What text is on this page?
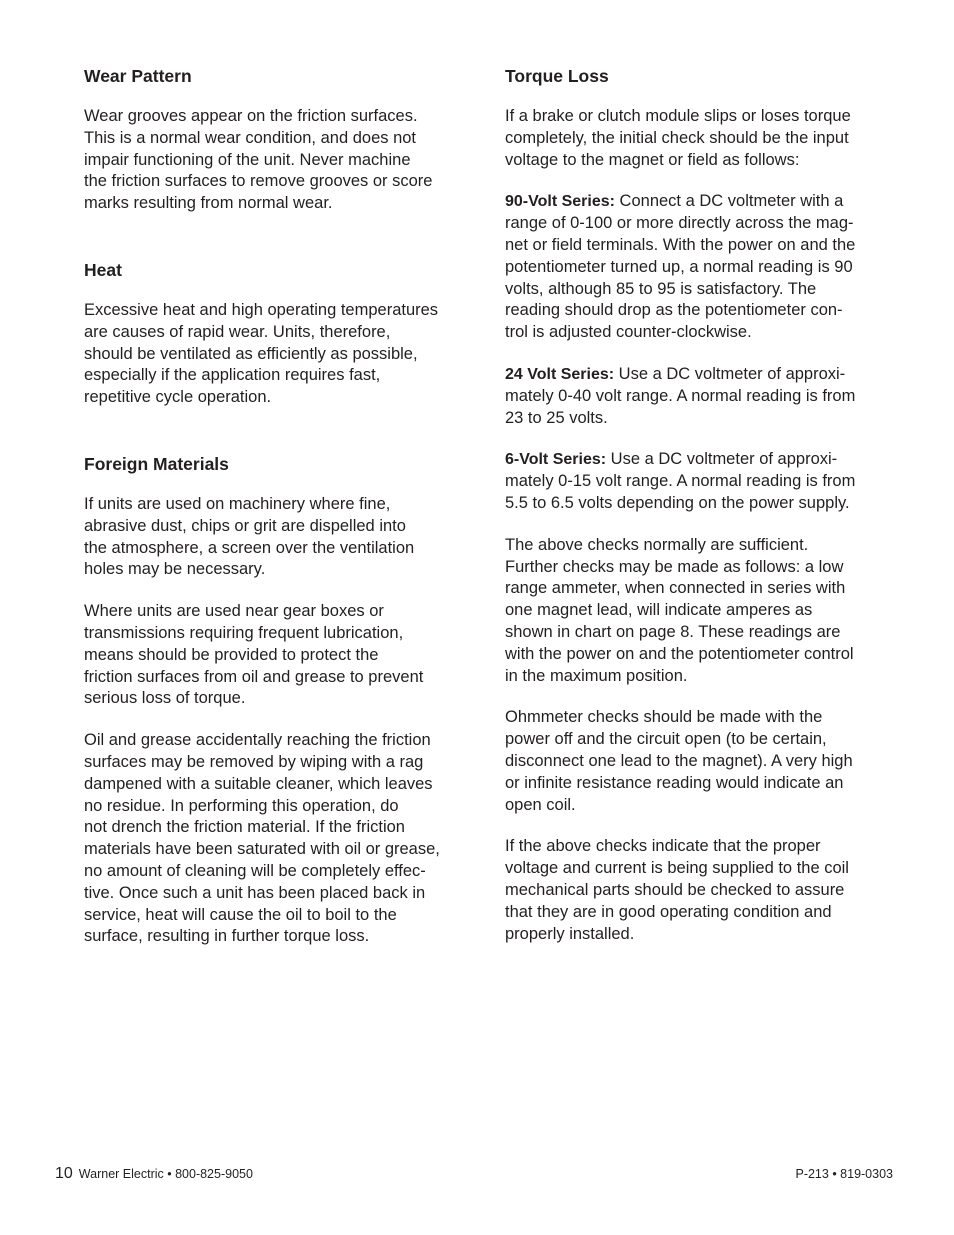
Wear Pattern

Wear grooves appear on the friction surfaces.
This is a normal wear condition, and does not
impair functioning of the unit. Never machine
the friction surfaces to remove grooves or score
marks resulting from normal wear.

Heat

Excessive heat and high operating temperatures
are causes of rapid wear. Units, therefore,
should be ventilated as efficiently as possible,
especially if the application requires fast,
repetitive cycle operation.

Foreign Materials

If units are used on machinery where fine,
abrasive dust, chips or grit are dispelled into
the atmosphere, a screen over the ventilation
holes may be necessary.

Where units are used near gear boxes or
transmissions requiring frequent lubrication,
means should be provided to protect the
friction surfaces from oil and grease to prevent
serious loss of torque.

Oil and grease accidentally reaching the friction
surfaces may be removed by wiping with a rag
dampened with a suitable cleaner, which leaves
no residue. In performing this operation, do
not drench the friction material. If the friction
materials have been saturated with oil or grease,
no amount of cleaning will be completely effec-
tive. Once such a unit has been placed back in
service, heat will cause the oil to boil to the
surface, resulting in further torque loss.

Torque Loss

If a brake or clutch module slips or loses torque
completely, the initial check should be the input
voltage to the magnet or field as follows:

90-Volt Series: Connect a DC voltmeter with a
range of 0-100 or more directly across the mag-
net or field terminals. With the power on and the
potentiometer turned up, a normal reading is 90
volts, although 85 to 95 is satisfactory. The
reading should drop as the potentiometer con-
trol is adjusted counter-clockwise.

24 Volt Series: Use a DC voltmeter of approxi-
mately 0-40 volt range. A normal reading is from
23 to 25 volts.

6-Volt Series: Use a DC voltmeter of approxi-
mately 0-15 volt range. A normal reading is from
5.5 to 6.5 volts depending on the power supply.

The above checks normally are sufficient.
Further checks may be made as follows: a low
range ammeter, when connected in series with
one magnet lead, will indicate amperes as
shown in chart on page 8. These readings are
with the power on and the potentiometer control
in the maximum position.

Ohmmeter checks should be made with the
power off and the circuit open (to be certain,
disconnect one lead to the magnet). A very high
or infinite resistance reading would indicate an
open coil.

If the above checks indicate that the proper
voltage and current is being supplied to the coil
mechanical parts should be checked to assure
that they are in good operating condition and
properly installed.

10 Warner Electric • 800-825-9050	P-213 • 819-0303
